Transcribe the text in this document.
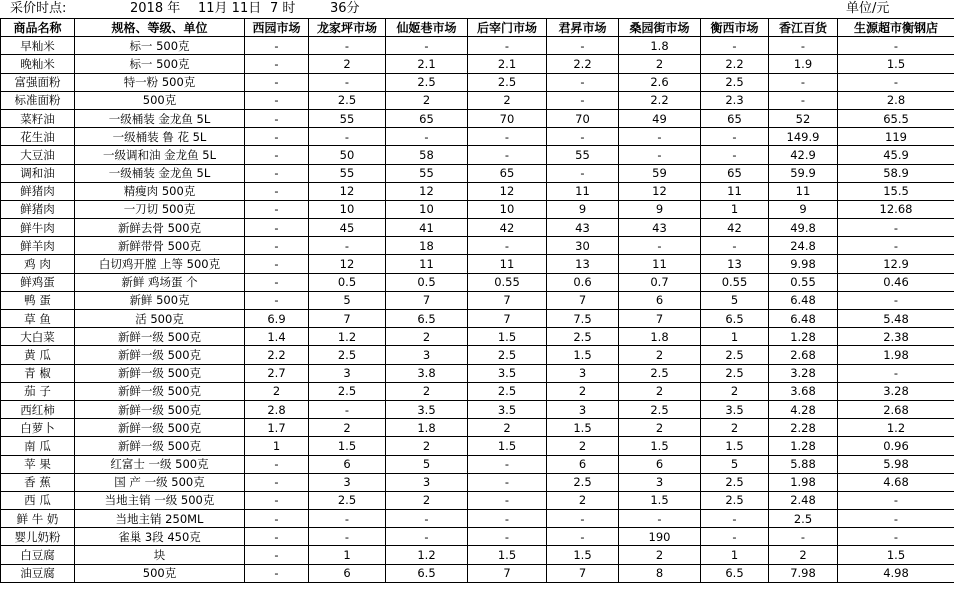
采价时点:	2018 年 11月 11日 7 时	36分	单位/元
商品名称	规格、等级、单位	西园市场	龙家坪市场	仙姬巷市场	后宰门市场	君昇市场	桑园街市场	衡西市场	香江百货	生源超市衡钢店
早籼米	标一 500克	-	-	-	-	-	1.8	-	-	-
晚籼米	标一 500克	-	2	2.1	2.1	2.2	2	2.2	1.9	1.5
富强面粉	特一粉 500克	-	-	2.5	2.5	-	2.6	2.5	-	-
标准面粉	500克	-	2.5	2	2	-	2.2	2.3	-	2.8
菜籽油	一级桶装 金龙鱼 5L	-	55	65	70	70	49	65	52	65.5
花生油	一级桶装 鲁 花 5L	-	-	-	-	-	-	-	149.9	119
大豆油	一级调和油 金龙鱼 5L	-	50	58	-	55	-	-	42.9	45.9
调和油	一级桶装 金龙鱼 5L	-	55	55	65	-	59	65	59.9	58.9
鲜猪肉	精瘦肉 500克	-	12	12	12	11	12	11	11	15.5
鲜猪肉	一刀切 500克	-	10	10	10	9	9	1	9	12.68
鲜牛肉	新鲜去骨 500克	-	45	41	42	43	43	42	49.8	-
鲜羊肉	新鲜带骨 500克	-	-	18	-	30	-	-	24.8	-
鸡 肉	白切鸡开膛 上等 500克	-	12	11	11	13	11	13	9.98	12.9
鲜鸡蛋	新鲜 鸡场蛋 个	-	0.5	0.5	0.55	0.6	0.7	0.55	0.55	0.46
鸭 蛋	新鲜 500克	-	5	7	7	7	6	5	6.48	-
草 鱼	活 500克	6.9	7	6.5	7	7.5	7	6.5	6.48	5.48
大白菜	新鲜一级 500克	1.4	1.2	2	1.5	2.5	1.8	1	1.28	2.38
黄 瓜	新鲜一级 500克	2.2	2.5	3	2.5	1.5	2	2.5	2.68	1.98
青 椒	新鲜一级 500克	2.7	3	3.8	3.5	3	2.5	2.5	3.28	-
茄 子	新鲜一级 500克	2	2.5	2	2.5	2	2	2	3.68	3.28
西红柿	新鲜一级 500克	2.8	-	3.5	3.5	3	2.5	3.5	4.28	2.68
白萝卜	新鲜一级 500克	1.7	2	1.8	2	1.5	2	2	2.28	1.2
南 瓜	新鲜一级 500克	1	1.5	2	1.5	2	1.5	1.5	1.28	0.96
苹 果	红富士 一级 500克	-	6	5	-	6	6	5	5.88	5.98
香 蕉	国 产 一级 500克	-	3	3	-	2.5	3	2.5	1.98	4.68
西 瓜	当地主销 一级 500克	-	2.5	2	-	2	1.5	2.5	2.48	-
鲜 牛 奶	当地主销 250ML	-	-	-	-	-	-	-	2.5	-
婴儿奶粉	雀巢 3段 450克	-	-	-	-	-	190	-	-	-
白豆腐	块	-	1	1.2	1.5	1.5	2	1	2	1.5
油豆腐	500克	-	6	6.5	7	7	8	6.5	7.98	4.98
